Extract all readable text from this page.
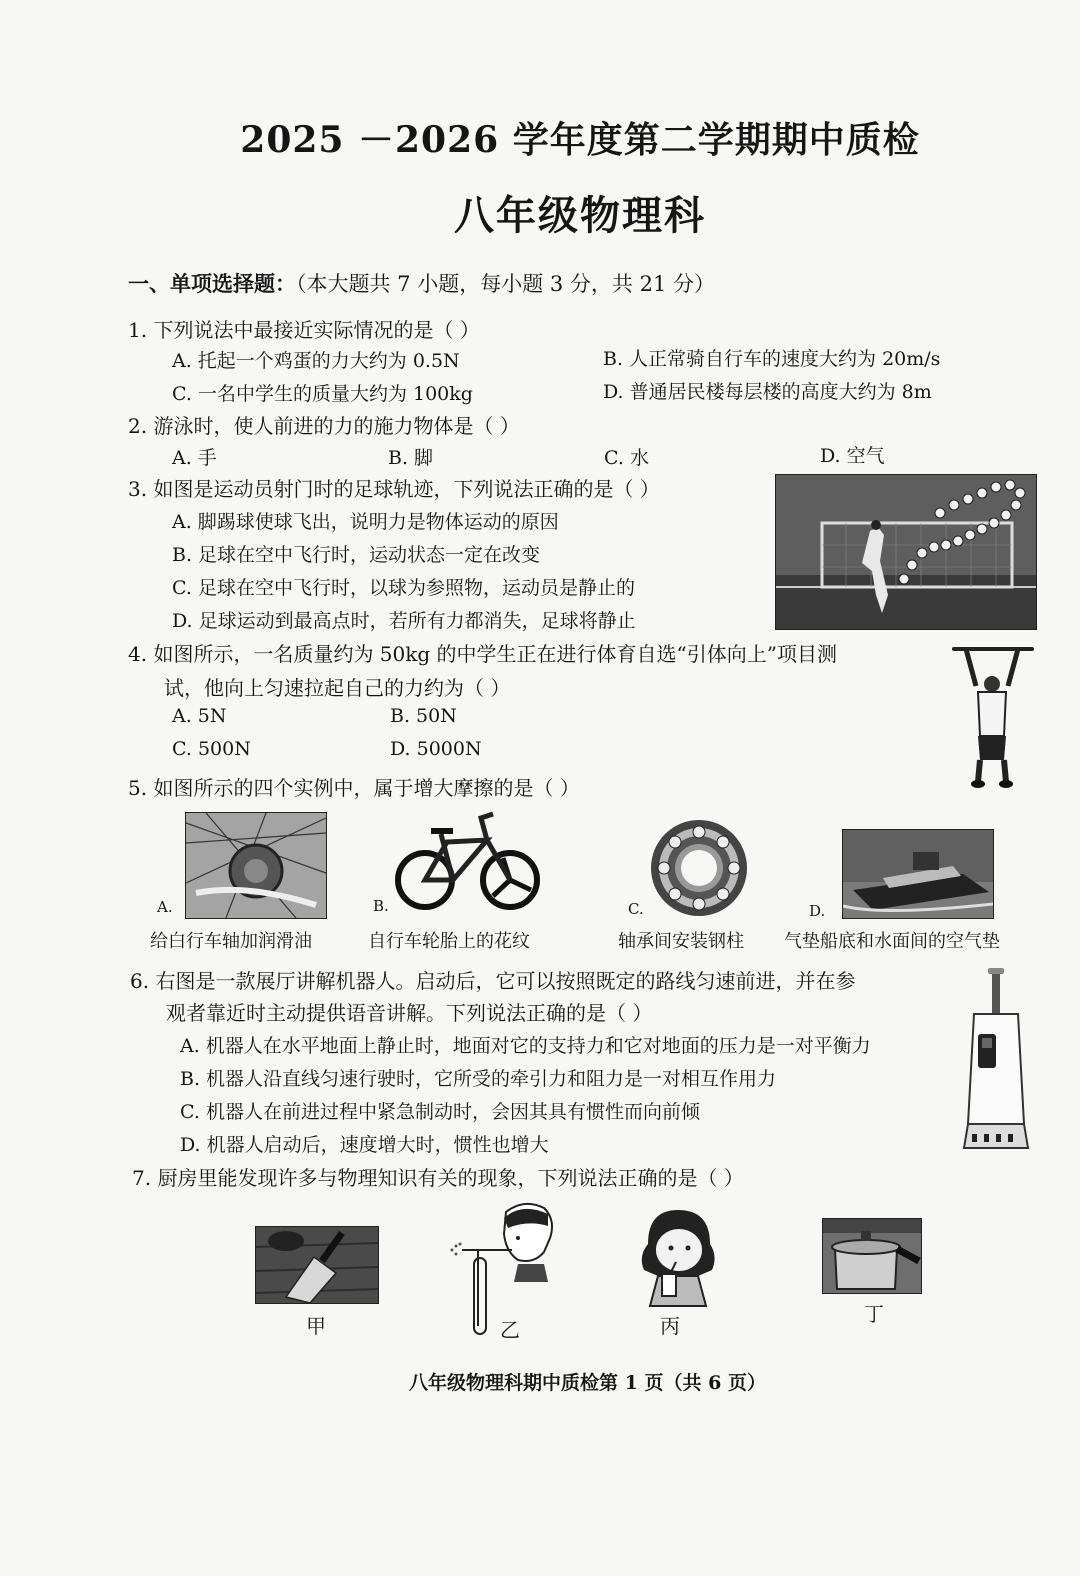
2025 －2026 学年度第二学期期中质检
八年级物理科
一、单项选择题：（本大题共 7 小题，每小题 3 分，共 21 分）
1. 下列说法中最接近实际情况的是（ ）
A. 托起一个鸡蛋的力大约为 0.5N	B. 人正常骑自行车的速度大约为 20m/s
C. 一名中学生的质量大约为 100kg	D. 普通居民楼每层楼的高度大约为 8m
2. 游泳时，使人前进的力的施力物体是（ ）
A. 手	B. 脚	C. 水	D. 空气
3. 如图是运动员射门时的足球轨迹，下列说法正确的是（ ）
A. 脚踢球使球飞出，说明力是物体运动的原因
B. 足球在空中飞行时，运动状态一定在改变
C. 足球在空中飞行时，以球为参照物，运动员是静止的
D. 足球运动到最高点时，若所有力都消失，足球将静止
4. 如图所示，一名质量约为 50kg 的中学生正在进行体育自选“引体向上”项目测
试，他向上匀速拉起自己的力约为（ ）
A. 5N	B. 50N
C. 500N	D. 5000N
5. 如图所示的四个实例中，属于增大摩擦的是（ ）
A.
给白行车轴加润滑油
B.
自行车轮胎上的花纹
C.
轴承间安装钢柱
D.
气垫船底和水面间的空气垫
6. 右图是一款展厅讲解机器人。启动后，它可以按照既定的路线匀速前进，并在参
观者靠近时主动提供语音讲解。下列说法正确的是（ ）
A. 机器人在水平地面上静止时，地面对它的支持力和它对地面的压力是一对平衡力
B. 机器人沿直线匀速行驶时，它所受的牵引力和阻力是一对相互作用力
C. 机器人在前进过程中紧急制动时，会因其具有惯性而向前倾
D. 机器人启动后，速度增大时，惯性也增大
7. 厨房里能发现许多与物理知识有关的现象，下列说法正确的是（ ）
甲	乙	丙	丁
八年级物理科期中质检第 1 页（共 6 页）
